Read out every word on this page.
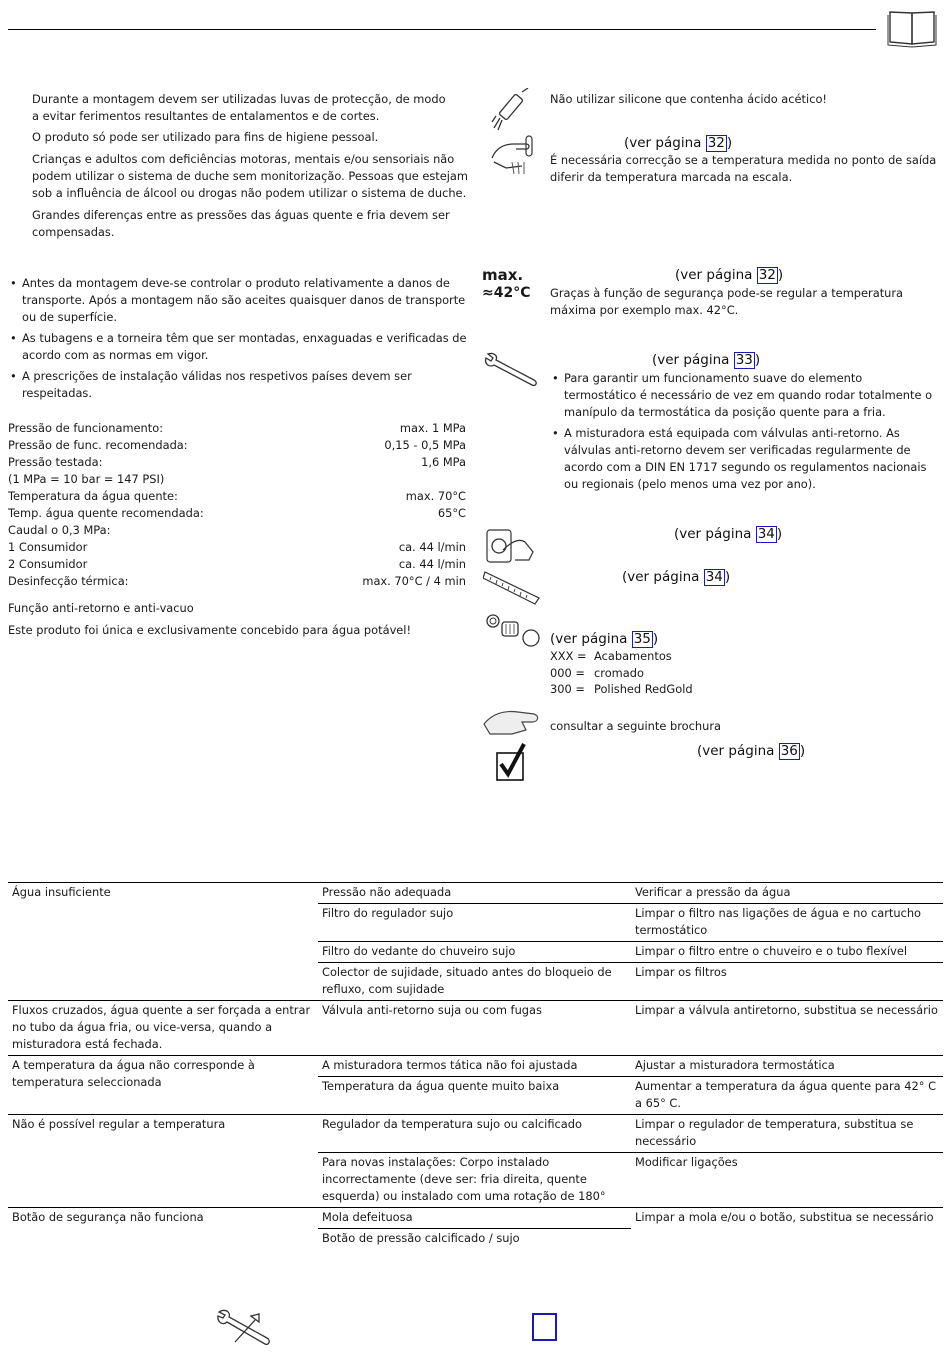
Durante a montagem devem ser utilizadas luvas de protecção, de modo a evitar ferimentos resultantes de entalamentos e de cortes.

O produto só pode ser utilizado para fins de higiene pessoal.

Crianças e adultos com deficiências motoras, mentais e/ou sensoriais não podem utilizar o sistema de duche sem monitorização. Pessoas que estejam sob a influência de álcool ou drogas não podem utilizar o sistema de duche.

Grandes diferenças entre as pressões das águas quente e fria devem ser compensadas.

• Antes da montagem deve-se controlar o produto relativamente a danos de transporte. Após a montagem não são aceites quaisquer danos de transporte ou de superfície.
• As tubagens e a torneira têm que ser montadas, enxaguadas e verificadas de acordo com as normas em vigor.
• A prescrições de instalação válidas nos respetivos países devem ser respeitadas.
Pressão de funcionamento:	max. 1 MPa
Pressão de func. recomendada:	0,15 - 0,5 MPa
Pressão testada:	1,6 MPa
(1 MPa = 10 bar = 147 PSI)
Temperatura da água quente:	max. 70°C
Temp. água quente recomendada:	65°C
Caudal o 0,3 MPa:
1 Consumidor	ca. 44 l/min
2 Consumidor	ca. 44 l/min
Desinfecção térmica:	max. 70°C / 4 min

Função anti-retorno e anti-vacuo

Este produto foi única e exclusivamente concebido para água potável!

Não utilizar silicone que contenha ácido acético!

(ver página 32 )

É necessária correcção se a temperatura medida no ponto de saída diferir da temperatura marcada na escala.

max.
≈42°C
(ver página 32 )

Graças à função de segurança pode-se regular a temperatura máxima por exemplo max. 42°C.

(ver página 33 )
• Para garantir um funcionamento suave do elemento termostático é necessário de vez em quando rodar totalmente o manípulo da termostática da posição quente para a fria.
• A misturadora está equipada com válvulas anti-retorno. As válvulas anti-retorno devem ser verificadas regularmente de acordo com a DIN EN 1717 segundo os regulamentos nacionais ou regionais (pelo menos uma vez por ano).
(ver página 34 )
(ver página 34 )
(ver página 35 )
XXX = Acabamentos
000 = cromado
300 = Polished RedGold

consultar a seguinte brochura

(ver página 36 )
Água insuficiente	Pressão não adequada	Verificar a pressão da água
	Filtro do regulador sujo	Limpar o filtro nas ligações de água e no cartucho termostático
	Filtro do vedante do chuveiro sujo	Limpar o filtro entre o chuveiro e o tubo flexível
	Colector de sujidade, situado antes do bloqueio de refluxo, com sujidade	Limpar os filtros
Fluxos cruzados, água quente a ser forçada a entrar no tubo da água fria, ou vice-versa, quando a misturadora está fechada.	Válvula anti-retorno suja ou com fugas	Limpar a válvula antiretorno, substitua se necessário
A temperatura da água não corresponde à temperatura seleccionada	A misturadora termos tática não foi ajustada	Ajustar a misturadora termostática
	Temperatura da água quente muito baixa	Aumentar a temperatura da água quente para 42° C a 65° C.
Não é possível regular a temperatura	Regulador da temperatura sujo ou calcificado	Limpar o regulador de temperatura, substitua se necessário
	Para novas instalações: Corpo instalado incorrectamente (deve ser: fria direita, quente esquerda) ou instalado com uma rotação de 180°	Modificar ligações
Botão de segurança não funciona	Mola defeituosa	Limpar a mola e/ou o botão, substitua se necessário
	Botão de pressão calcificado / sujo	
